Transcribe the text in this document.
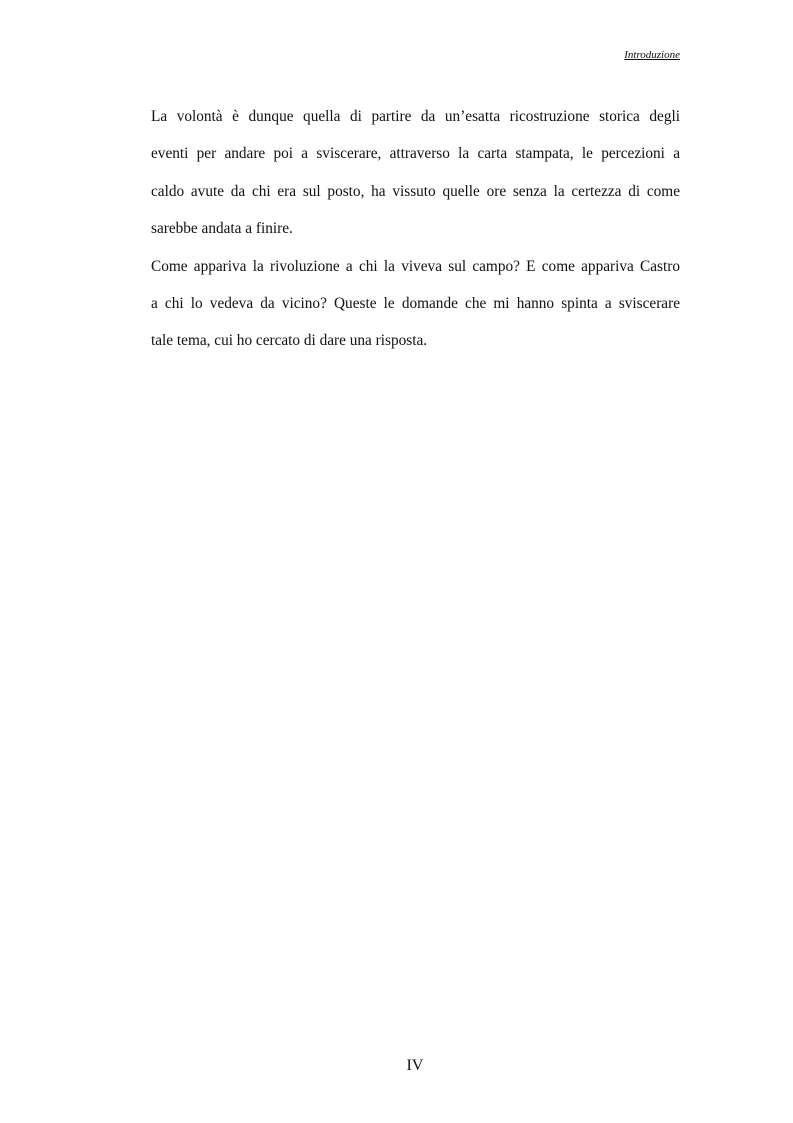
Introduzione

La volontà è dunque quella di partire da un’esatta ricostruzione storica degli
eventi per andare poi a sviscerare, attraverso la carta stampata, le percezioni a
caldo avute da chi era sul posto, ha vissuto quelle ore senza la certezza di come
sarebbe andata a finire.

Come appariva la rivoluzione a chi la viveva sul campo? E come appariva Castro
a chi lo vedeva da vicino? Queste le domande che mi hanno spinta a sviscerare
tale tema, cui ho cercato di dare una risposta.

IV
